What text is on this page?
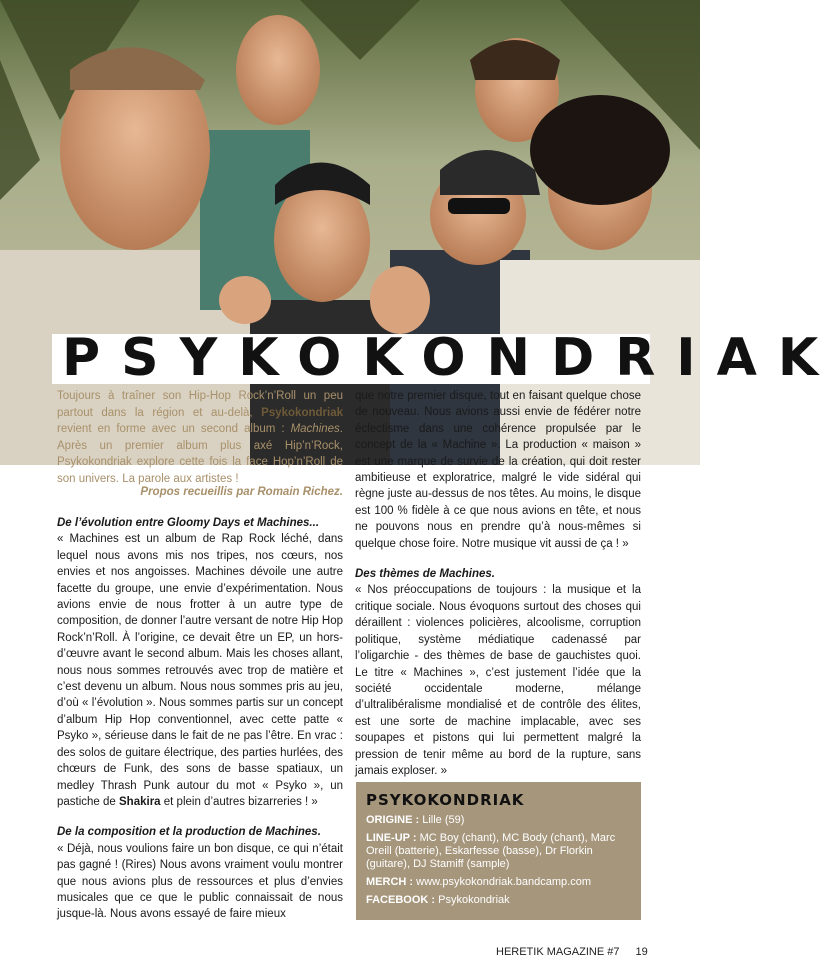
PSYKOKONDRIAK
Toujours à traîner son Hip-Hop Rock’n’Roll un peu partout dans la région et au-delà, Psykokondriak revient en forme avec un second album : Machines. Après un premier album plus axé Hip’n’Rock, Psykokondriak explore cette fois la face Hop’n’Roll de son univers. La parole aux artistes !
Propos recueillis par Romain Richez.

De l’évolution entre Gloomy Days et Machines...

« Machines est un album de Rap Rock léché, dans lequel nous avons mis nos tripes, nos cœurs, nos envies et nos angoisses. Machines dévoile une autre facette du groupe, une envie d’expérimentation. Nous avions envie de nous frotter à un autre type de composition, de donner l’autre versant de notre Hip Hop Rock’n’Roll. À l’origine, ce devait être un EP, un hors-d’œuvre avant le second album. Mais les choses allant, nous nous sommes retrouvés avec trop de matière et c’est devenu un album. Nous nous sommes pris au jeu, d’où « l’évolution ». Nous sommes partis sur un concept d’album Hip Hop conventionnel, avec cette patte « Psyko », sérieuse dans le fait de ne pas l’être. En vrac : des solos de guitare électrique, des parties hurlées, des chœurs de Funk, des sons de basse spatiaux, un medley Thrash Punk autour du mot « Psyko », un pastiche de Shakira et plein d’autres bizarreries ! »

De la composition et la production de Machines.

« Déjà, nous voulions faire un bon disque, ce qui n’était pas gagné ! (Rires) Nous avons vraiment voulu montrer que nous avions plus de ressources et plus d’envies musicales que ce que le public connaissait de nous jusque-là. Nous avons essayé de faire mieux

que notre premier disque, tout en faisant quelque chose de nouveau. Nous avions aussi envie de fédérer notre éclectisme dans une cohérence propulsée par le concept de la « Machine ». La production « maison » est une marque de survie de la création, qui doit rester ambitieuse et exploratrice, malgré le vide sidéral qui règne juste au-dessus de nos têtes. Au moins, le disque est 100 % fidèle à ce que nous avions en tête, et nous ne pouvons nous en prendre qu’à nous-mêmes si quelque chose foire. Notre musique vit aussi de ça ! »

Des thèmes de Machines.

« Nos préoccupations de toujours : la musique et la critique sociale. Nous évoquons surtout des choses qui déraillent : violences policières, alcoolisme, corruption politique, système médiatique cadenassé par l’oligarchie - des thèmes de base de gauchistes quoi. Le titre « Machines », c’est justement l’idée que la société occidentale moderne, mélange d’ultralibéralisme mondialisé et de contrôle des élites, est une sorte de machine implacable, avec ses soupapes et pistons qui lui permettent malgré la pression de tenir même au bord de la rupture, sans jamais exploser. »

PSYKOKONDRIAK
ORIGINE : Lille (59)
LINE-UP : MC Boy (chant), MC Body (chant), Marc Oreill (batterie), Eskarfesse (basse), Dr Florkin (guitare), DJ Stamiff (sample)
MERCH : www.psykokondriak.bandcamp.com
FACEBOOK : Psykokondriak
HERETIK MAGAZINE #7 19
